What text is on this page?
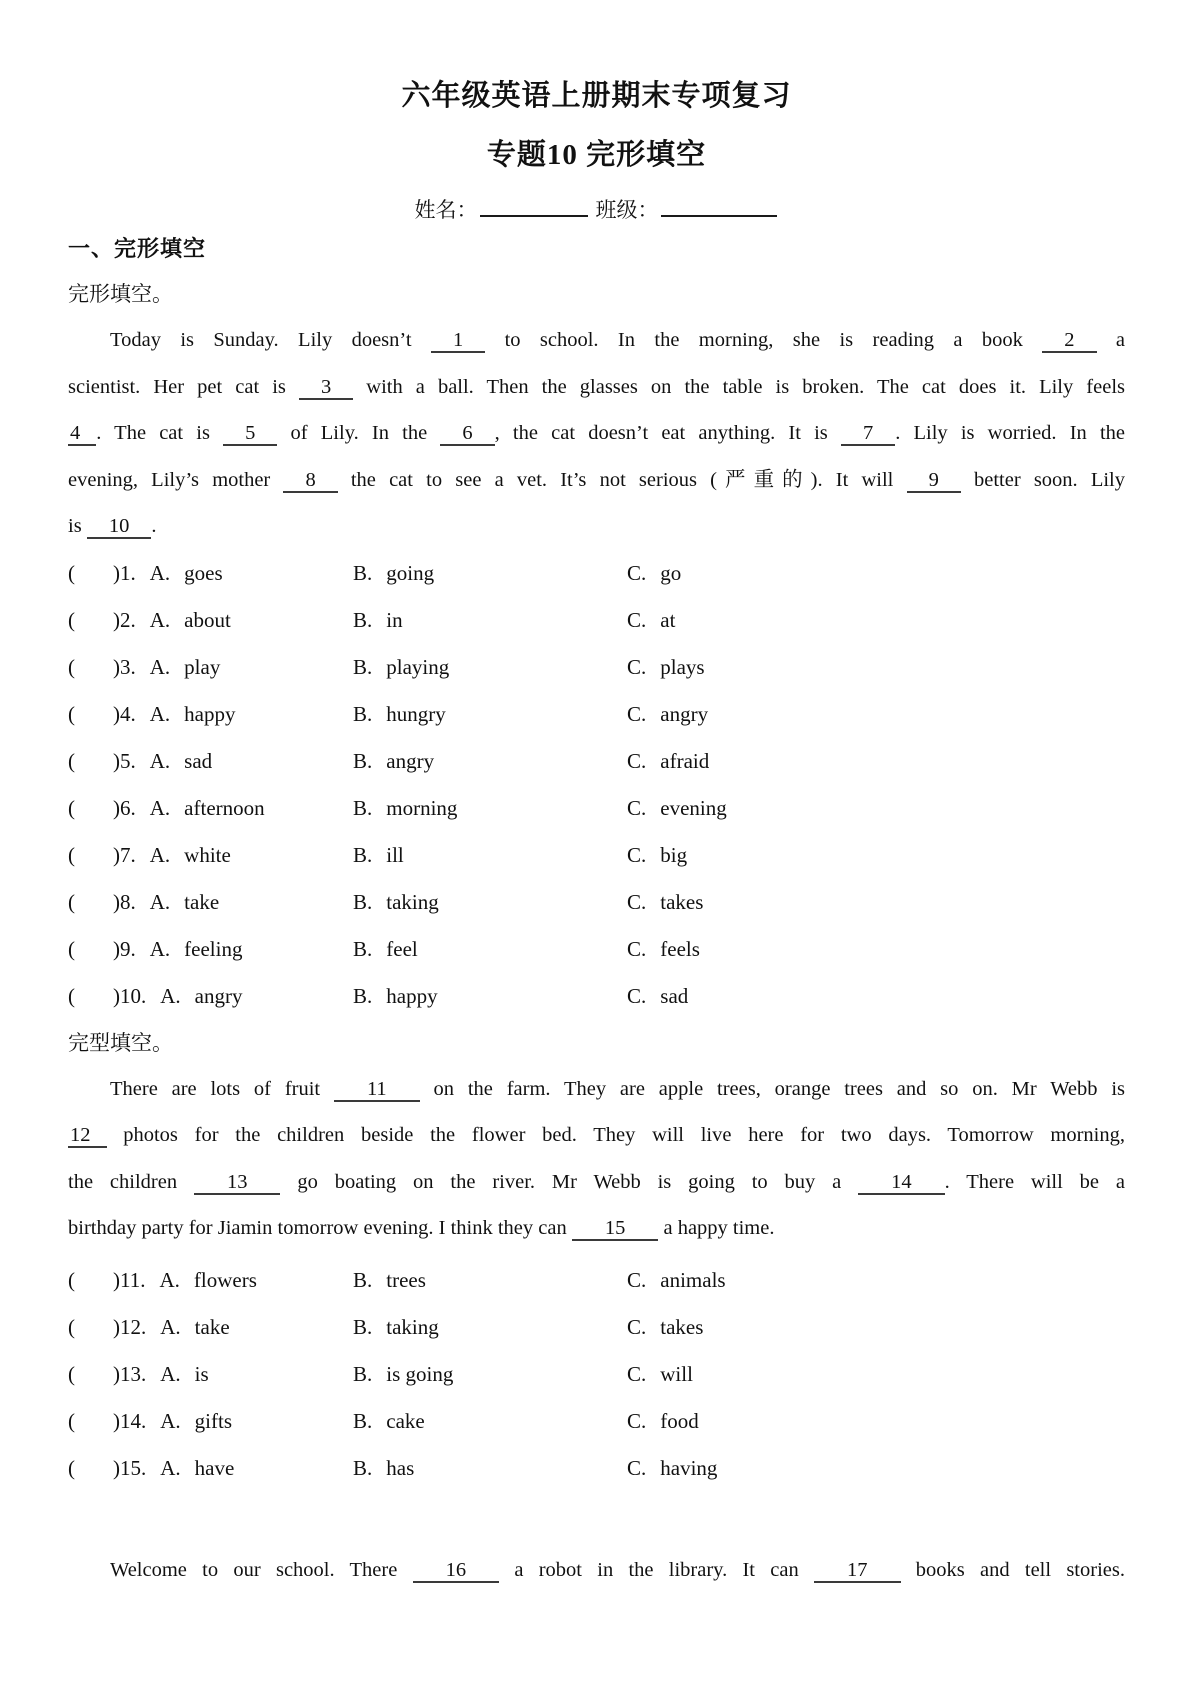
六年级英语上册期末专项复习
专题10 完形填空
姓名：	班级：
一、完形填空
完形填空。
Today is Sunday. Lily doesn’t 1 to school. In the morning, she is reading a book 2 a
scientist. Her pet cat is 3 with a ball. Then the glasses on the table is broken. The cat does it. Lily feels
4 . The cat is 5 of Lily. In the 6 , the cat doesn’t eat anything. It is 7 . Lily is worried. In the
evening, Lily’s mother 8 the cat to see a vet. It’s not serious (严重的). It will 9 better soon. Lily
is 10 .
( )1. A. goes	B. going	C. go
( )2. A. about	B. in	C. at
( )3. A. play	B. playing	C. plays
( )4. A. happy	B. hungry	C. angry
( )5. A. sad	B. angry	C. afraid
( )6. A. afternoon	B. morning	C. evening
( )7. A. white	B. ill	C. big
( )8. A. take	B. taking	C. takes
( )9. A. feeling	B. feel	C. feels
( )10. A. angry	B. happy	C. sad
完型填空。
There are lots of fruit 11 on the farm. They are apple trees, orange trees and so on. Mr Webb is
12 photos for the children beside the flower bed. They will live here for two days. Tomorrow morning,
the children 13 go boating on the river. Mr Webb is going to buy a 14 . There will be a
birthday party for Jiamin tomorrow evening. I think they can 15 a happy time.
( )11. A. flowers	B. trees	C. animals
( )12. A. take	B. taking	C. takes
( )13. A. is	B. is going	C. will
( )14. A. gifts	B. cake	C. food
( )15. A. have	B. has	C. having
Welcome to our school. There 16 a robot in the library. It can 17 books and tell stories.
